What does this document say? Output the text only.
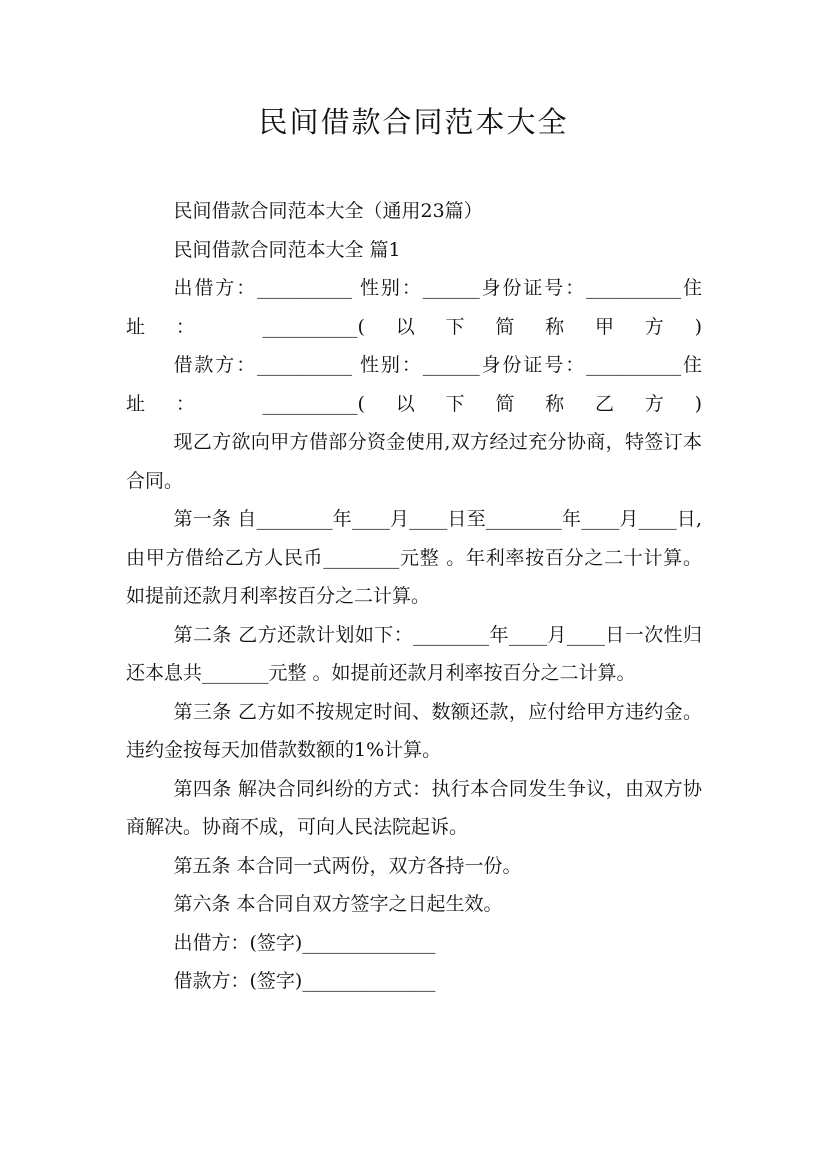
民间借款合同范本大全

民间借款合同范本大全（通用23篇）

民间借款合同范本大全 篇1

出借方：__________ 性别：______身份证号：__________住址： __________(以下简称甲方)

借款方：__________ 性别：______身份证号：__________住址： __________(以下简称乙方)

现乙方欲向甲方借部分资金使用,双方经过充分协商，特签订本合同。

第一条 自________年____月____日至________年____月____日,由甲方借给乙方人民币________元整 。年利率按百分之二十计算。如提前还款月利率按百分之二计算。

第二条 乙方还款计划如下：________年____月____日一次性归还本息共_______元整 。如提前还款月利率按百分之二计算。

第三条 乙方如不按规定时间、数额还款，应付给甲方违约金。违约金按每天加借款数额的1%计算。

第四条 解决合同纠纷的方式：执行本合同发生争议，由双方协商解决。协商不成，可向人民法院起诉。

第五条 本合同一式两份，双方各持一份。

第六条 本合同自双方签字之日起生效。

出借方：(签字)______________

借款方：(签字)______________
